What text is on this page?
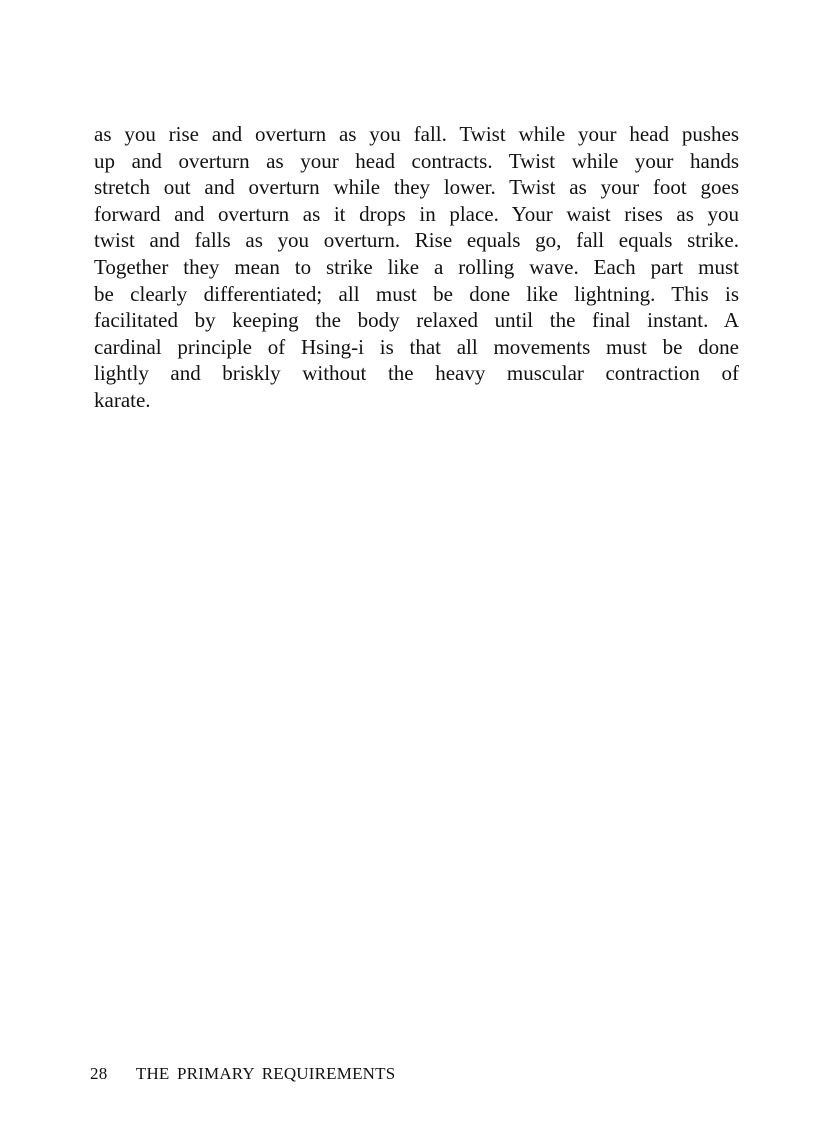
as you rise and overturn as you fall. Twist while your head pushes
up and overturn as your head contracts. Twist while your hands
stretch out and overturn while they lower. Twist as your foot goes
forward and overturn as it drops in place. Your waist rises as you
twist and falls as you overturn. Rise equals go, fall equals strike.
Together they mean to strike like a rolling wave. Each part must
be clearly differentiated; all must be done like lightning. This is
facilitated by keeping the body relaxed until the final instant. A
cardinal principle of Hsing-i is that all movements must be done
lightly and briskly without the heavy muscular contraction of
karate.
28 THE PRIMARY REQUIREMENTS
